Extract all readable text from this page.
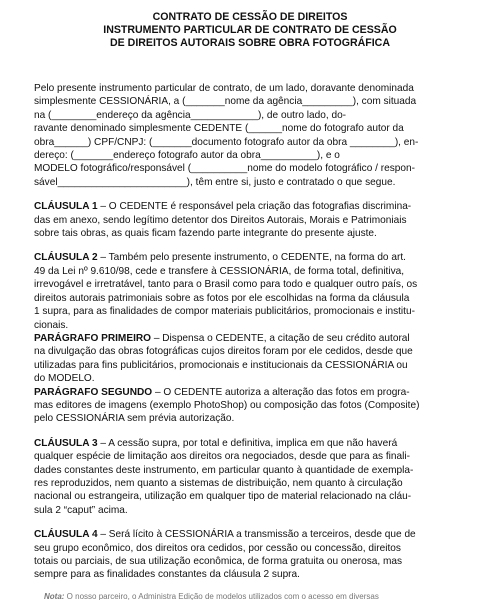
CONTRATO DE CESSÃO DE DIREITOS
INSTRUMENTO PARTICULAR DE CONTRATO DE CESSÃO
DE DIREITOS AUTORAIS SOBRE OBRA FOTOGRÁFICA
Pelo presente instrumento particular de contrato, de um lado, doravante denominada
simplesmente CESSIONÁRIA, a (_______nome da agência_________), com situada
na (________endereço da agência____________), de outro lado, do-
ravante denominado simplesmente CEDENTE (______nome do fotografo autor da
obra______) CPF/CNPJ: (_______documento fotografo autor da obra ________), en-
dereço: (_______endereço fotografo autor da obra__________), e o
MODELO fotográfico/responsável (__________nome do modelo fotográfico / respon-
sável_______________________), têm entre si, justo e contratado o que segue.
CLÁUSULA 1 – O CEDENTE é responsável pela criação das fotografias discrimina-
das em anexo, sendo legítimo detentor dos Direitos Autorais, Morais e Patrimoniais
sobre tais obras, as quais ficam fazendo parte integrante do presente ajuste.
CLÁUSULA 2 – Também pelo presente instrumento, o CEDENTE, na forma do art.
49 da Lei nº 9.610/98, cede e transfere à CESSIONÁRIA, de forma total, definitiva,
irrevogável e irretratável, tanto para o Brasil como para todo e qualquer outro país, os
direitos autorais patrimoniais sobre as fotos por ele escolhidas na forma da cláusula
1 supra, para as finalidades de compor materiais publicitários, promocionais e institu-
cionais.
PARÁGRAFO PRIMEIRO – Dispensa o CEDENTE, a citação de seu crédito autoral
na divulgação das obras fotográficas cujos direitos foram por ele cedidos, desde que
utilizadas para fins publicitários, promocionais e institucionais da CESSIONÁRIA ou
do MODELO.
PARÁGRAFO SEGUNDO – O CEDENTE autoriza a alteração das fotos em progra-
mas editores de imagens (exemplo PhotoShop) ou composição das fotos (Composite)
pelo CESSIONÁRIA sem prévia autorização.
CLÁUSULA 3 – A cessão supra, por total e definitiva, implica em que não haverá
qualquer espécie de limitação aos direitos ora negociados, desde que para as finali-
dades constantes deste instrumento, em particular quanto à quantidade de exempla-
res reproduzidos, nem quanto a sistemas de distribuição, nem quanto à circulação
nacional ou estrangeira, utilização em qualquer tipo de material relacionado na cláu-
sula 2 “caput” acima.
CLÁUSULA 4 – Será lícito à CESSIONÁRIA a transmissão a terceiros, desde que de
seu grupo econômico, dos direitos ora cedidos, por cessão ou concessão, direitos
totais ou parciais, de sua utilização econômica, de forma gratuita ou onerosa, mas
sempre para as finalidades constantes da cláusula 2 supra.
Nota: O nosso parceiro, o Administra Edição de modelos utilizados com o acesso em diversas
